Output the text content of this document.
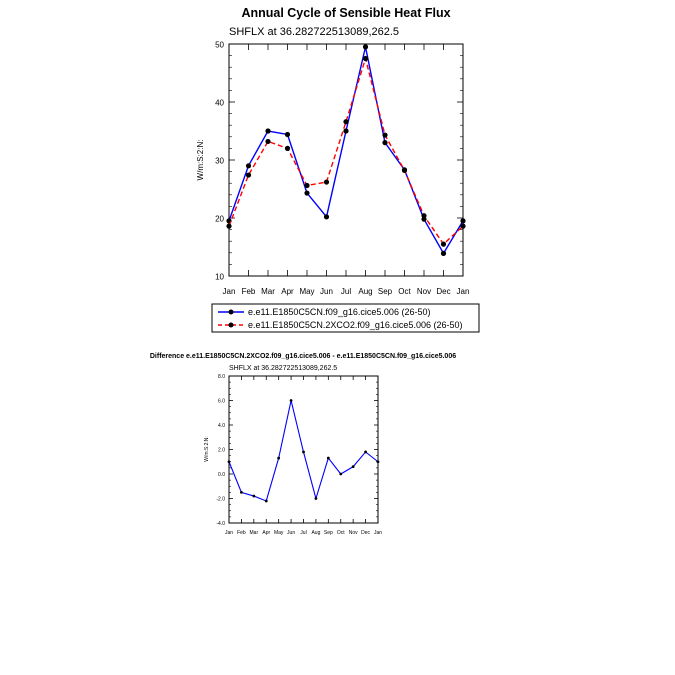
Annual Cycle of Sensible Heat Flux
SHFLX at 36.282722513089,262.5
W/m:S:2:N:
Jan Feb Mar Apr May Jun Jul Aug Sep Oct Nov Dec Jan
10
20
30
40
50
e.e11.E1850C5CN.f09_g16.cice5.006 (26-50)
e.e11.E1850C5CN.2XCO2.f09_g16.cice5.006 (26-50)
Difference e.e11.E1850C5CN.2XCO2.f09_g16.cice5.006 - e.e11.E1850C5CN.f09_g16.cice5.006
SHFLX at 36.282722513089,262.5
W/m:S:2:N:
Jan Feb Mar Apr May Jun Jul Aug Sep Oct Nov Dec Jan
-4.0
-2.0
0.0
2.0
4.0
6.0
8.0
